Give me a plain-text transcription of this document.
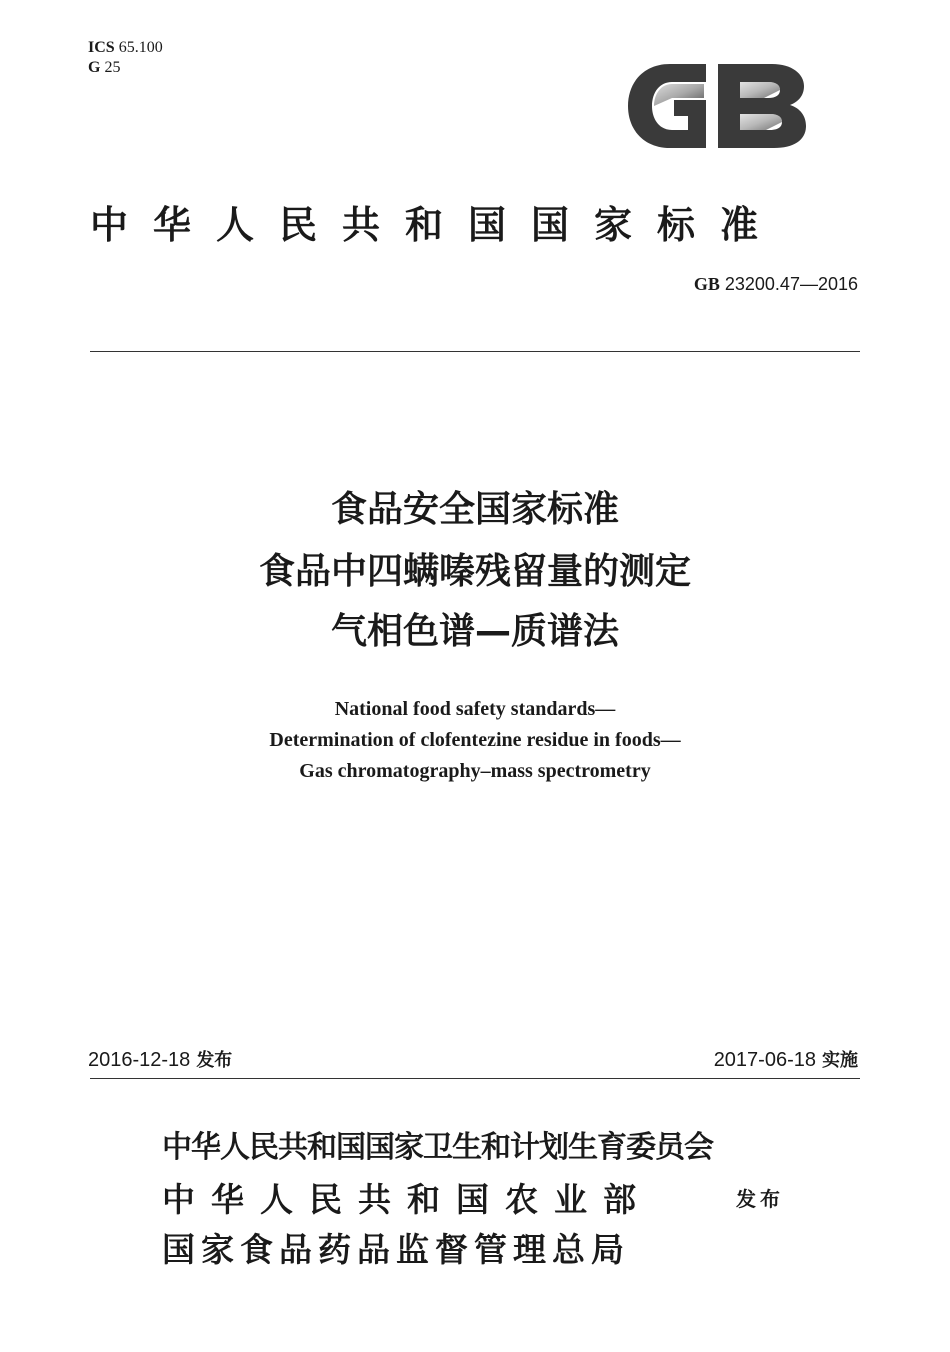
ICS 65.100
G 25
中华人民共和国国家标准
GB 23200.47—2016
食品安全国家标准
食品中四螨嗪残留量的测定
气相色谱—质谱法
National food safety standards—
Determination of clofentezine residue in foods—
Gas chromatography–mass spectrometry
2016-12-18 发布	2017-06-18 实施
中华人民共和国国家卫生和计划生育委员会
中华人民共和国农业部
国家食品药品监督管理总局
发布
